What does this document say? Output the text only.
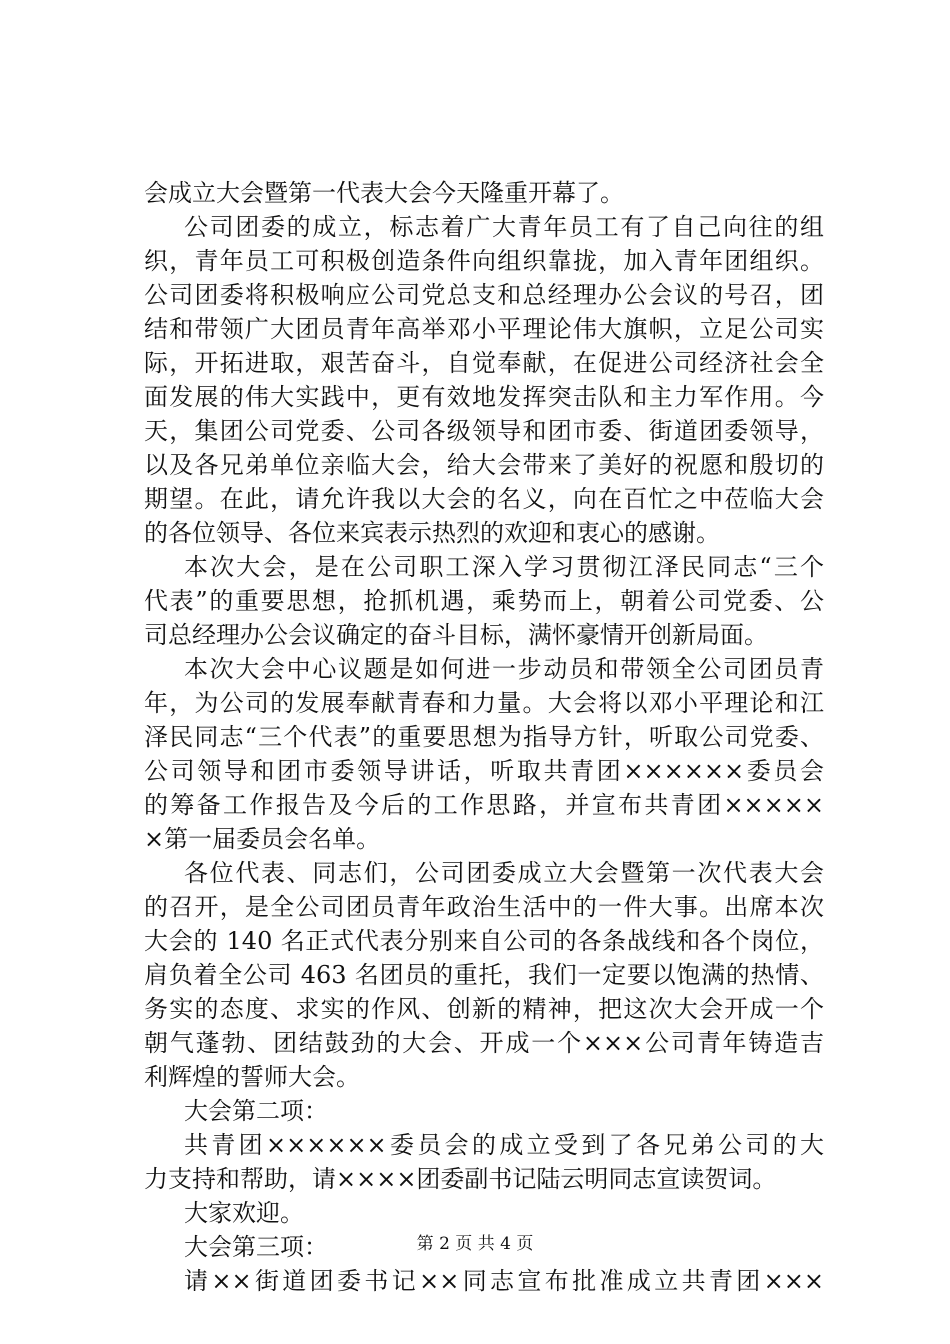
会成立大会暨第一代表大会今天隆重开幕了。
公司团委的成立，标志着广大青年员工有了自己向往的组
织，青年员工可积极创造条件向组织靠拢，加入青年团组织。
公司团委将积极响应公司党总支和总经理办公会议的号召，团
结和带领广大团员青年高举邓小平理论伟大旗帜，立足公司实
际，开拓进取，艰苦奋斗，自觉奉献，在促进公司经济社会全
面发展的伟大实践中，更有效地发挥突击队和主力军作用。今
天，集团公司党委、公司各级领导和团市委、街道团委领导，
以及各兄弟单位亲临大会，给大会带来了美好的祝愿和殷切的
期望。在此，请允许我以大会的名义，向在百忙之中莅临大会
的各位领导、各位来宾表示热烈的欢迎和衷心的感谢。
本次大会，是在公司职工深入学习贯彻江泽民同志“三个
代表”的重要思想，抢抓机遇，乘势而上，朝着公司党委、公
司总经理办公会议确定的奋斗目标，满怀豪情开创新局面。
本次大会中心议题是如何进一步动员和带领全公司团员青
年，为公司的发展奉献青春和力量。大会将以邓小平理论和江
泽民同志“三个代表”的重要思想为指导方针，听取公司党委、
公司领导和团市委领导讲话，听取共青团××××××委员会
的筹备工作报告及今后的工作思路，并宣布共青团×××××
×第一届委员会名单。
各位代表、同志们，公司团委成立大会暨第一次代表大会
的召开，是全公司团员青年政治生活中的一件大事。出席本次
大会的 140 名正式代表分别来自公司的各条战线和各个岗位，
肩负着全公司 463 名团员的重托，我们一定要以饱满的热情、
务实的态度、求实的作风、创新的精神，把这次大会开成一个
朝气蓬勃、团结鼓劲的大会、开成一个×××公司青年铸造吉
利辉煌的誓师大会。
大会第二项：
共青团××××××委员会的成立受到了各兄弟公司的大
力支持和帮助，请××××团委副书记陆云明同志宣读贺词。
大家欢迎。
大会第三项：
请××街道团委书记××同志宣布批准成立共青团×××
第 2 页 共 4 页
